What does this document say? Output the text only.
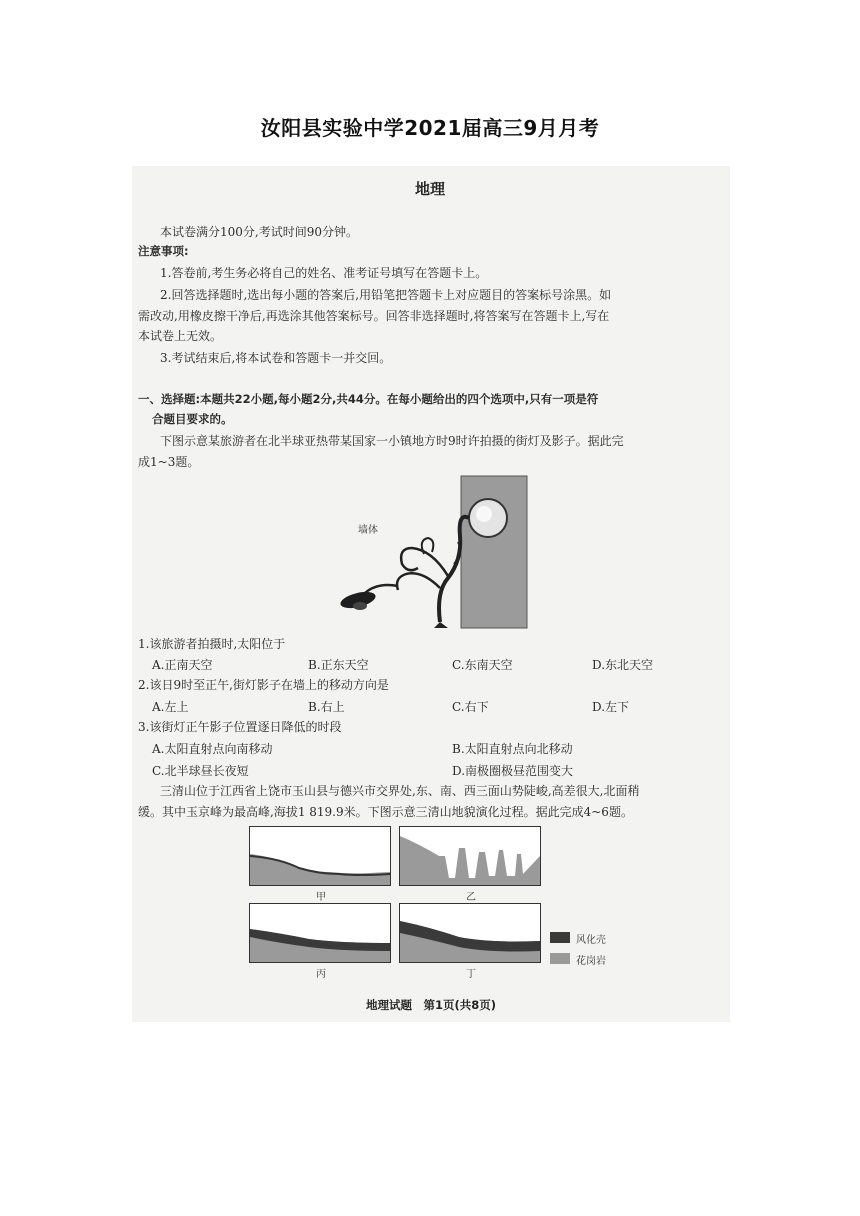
汝阳县实验中学2021届高三9月月考
地理
本试卷满分100分,考试时间90分钟。
注意事项:
1.答卷前,考生务必将自己的姓名、准考证号填写在答题卡上。
2.回答选择题时,选出每小题的答案后,用铅笔把答题卡上对应题目的答案标号涂黑。如
需改动,用橡皮擦干净后,再选涂其他答案标号。回答非选择题时,将答案写在答题卡上,写在
本试卷上无效。
3.考试结束后,将本试卷和答题卡一并交回。
一、选择题:本题共22小题,每小题2分,共44分。在每小题给出的四个选项中,只有一项是符
合题目要求的。
下图示意某旅游者在北半球亚热带某国家一小镇地方时9时许拍摄的街灯及影子。据此完
成1~3题。
墙体
1.该旅游者拍摄时,太阳位于
A.正南天空	B.正东天空	C.东南天空	D.东北天空
2.该日9时至正午,街灯影子在墙上的移动方向是
A.左上	B.右上	C.右下	D.左下
3.该街灯正午影子位置逐日降低的时段
A.太阳直射点向南移动	B.太阳直射点向北移动
C.北半球昼长夜短	D.南极圈极昼范围变大
三清山位于江西省上饶市玉山县与德兴市交界处,东、南、西三面山势陡峻,高差很大,北面稍
缓。其中玉京峰为最高峰,海拔1 819.9米。下图示意三清山地貌演化过程。据此完成4~6题。
甲	乙
丙	丁
风化壳
花岗岩
地理试题　第1页(共8页)
